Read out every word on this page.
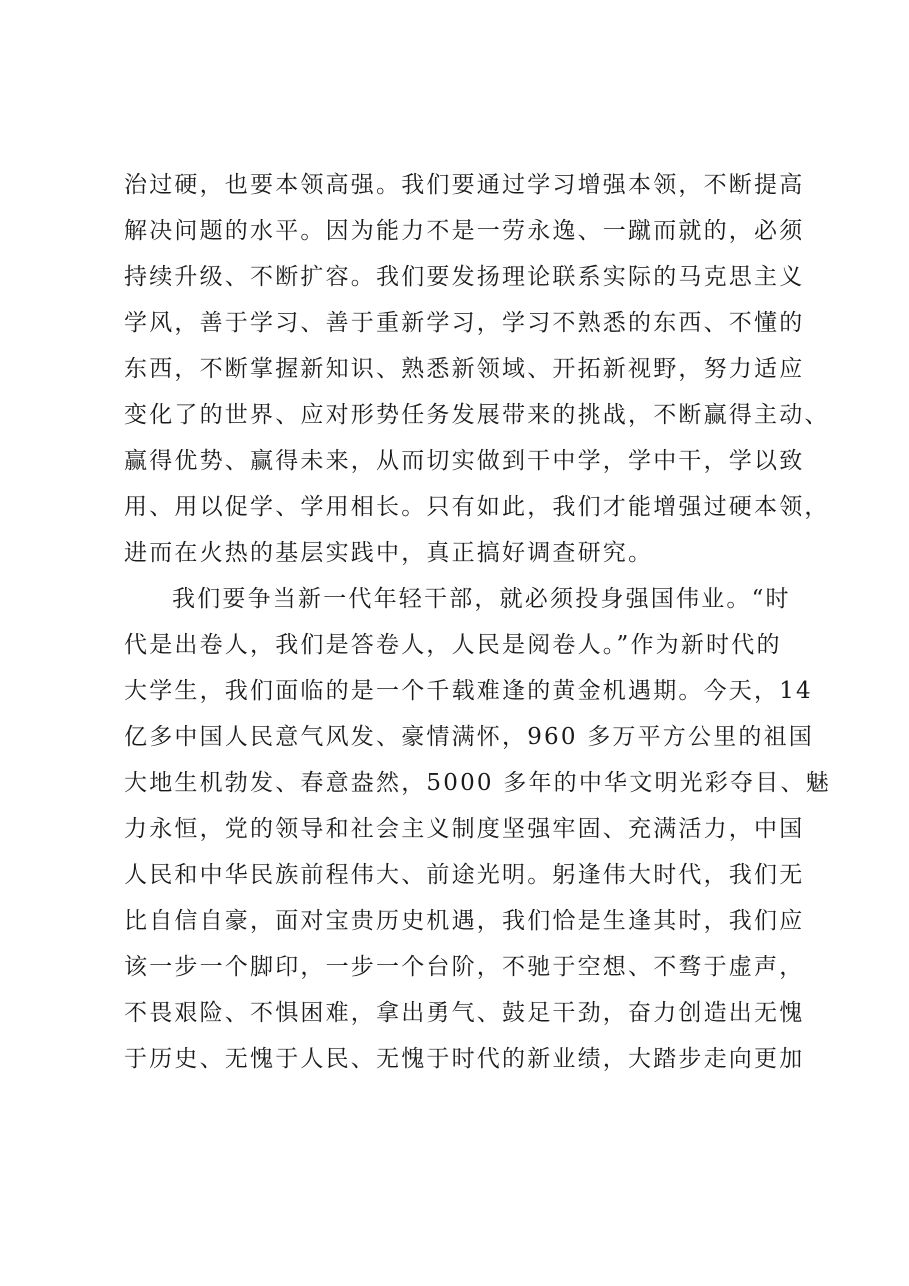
治过硬，也要本领高强。我们要通过学习增强本领，不断提高
解决问题的水平。因为能力不是一劳永逸、一蹴而就的，必须
持续升级、不断扩容。我们要发扬理论联系实际的马克思主义
学风，善于学习、善于重新学习，学习不熟悉的东西、不懂的
东西，不断掌握新知识、熟悉新领域、开拓新视野，努力适应
变化了的世界、应对形势任务发展带来的挑战，不断赢得主动、
赢得优势、赢得未来，从而切实做到干中学，学中干，学以致
用、用以促学、学用相长。只有如此，我们才能增强过硬本领，
进而在火热的基层实践中，真正搞好调查研究。
我们要争当新一代年轻干部，就必须投身强国伟业。“时
代是出卷人，我们是答卷人，人民是阅卷人。”作为新时代的
大学生，我们面临的是一个千载难逢的黄金机遇期。今天，14
亿多中国人民意气风发、豪情满怀，960 多万平方公里的祖国
大地生机勃发、春意盎然，5000 多年的中华文明光彩夺目、魅
力永恒，党的领导和社会主义制度坚强牢固、充满活力，中国
人民和中华民族前程伟大、前途光明。躬逢伟大时代，我们无
比自信自豪，面对宝贵历史机遇，我们恰是生逢其时，我们应
该一步一个脚印，一步一个台阶，不驰于空想、不骛于虚声，
不畏艰险、不惧困难，拿出勇气、鼓足干劲，奋力创造出无愧
于历史、无愧于人民、无愧于时代的新业绩，大踏步走向更加
